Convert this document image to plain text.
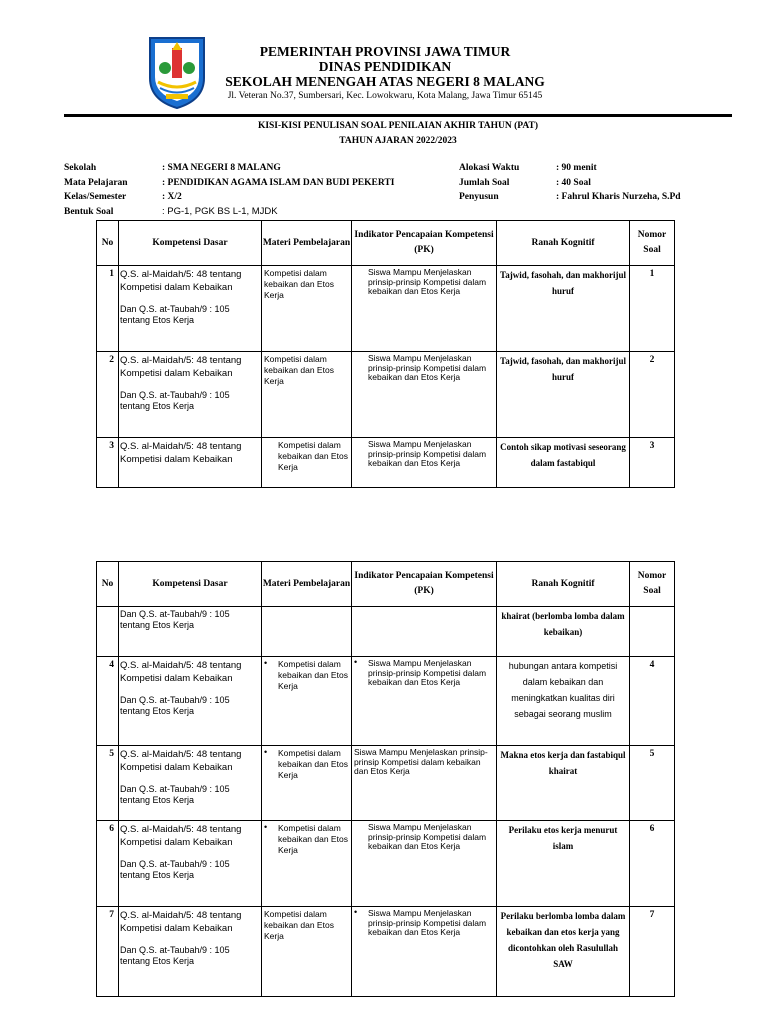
PEMERINTAH PROVINSI JAWA TIMUR
DINAS PENDIDIKAN
SEKOLAH MENENGAH ATAS NEGERI 8 MALANG
Jl. Veteran No.37, Sumbersari, Kec. Lowokwaru, Kota Malang, Jawa Timur 65145
KISI-KISI PENULISAN SOAL PENILAIAN AKHIR TAHUN (PAT)
TAHUN AJARAN 2022/2023
Sekolah	: SMA NEGERI 8 MALANG
Mata Pelajaran	: PENDIDIKAN AGAMA ISLAM DAN BUDI PEKERTI
Kelas/Semester	: X/2
Bentuk Soal	: PG-1, PGK BS L-1, MJDK
Alokasi Waktu	: 90 menit
Jumlah Soal	: 40 Soal
Penyusun	: Fahrul Kharis Nurzeha, S.Pd
No	Kompetensi Dasar	Materi Pembelajaran	Indikator Pencapaian Kompetensi (PK)	Ranah Kognitif	Nomor Soal
1	Q.S. al-Maidah/5: 48 tentang Kompetisi dalam Kebaikan

Dan Q.S. at-Taubah/9 : 105 tentang Etos Kerja	Kompetisi dalam kebaikan dan Etos Kerja	Siswa Mampu Menjelaskan prinsip-prinsip Kompetisi dalam kebaikan dan Etos Kerja	Tajwid, fasohah, dan makhorijul huruf	1
2	Q.S. al-Maidah/5: 48 tentang Kompetisi dalam Kebaikan

Dan Q.S. at-Taubah/9 : 105 tentang Etos Kerja	Kompetisi dalam kebaikan dan Etos Kerja	Siswa Mampu Menjelaskan prinsip-prinsip Kompetisi dalam kebaikan dan Etos Kerja	Tajwid, fasohah, dan makhorijul huruf	2
3	Q.S. al-Maidah/5: 48 tentang Kompetisi dalam Kebaikan	Kompetisi dalam kebaikan dan Etos Kerja	Siswa Mampu Menjelaskan prinsip-prinsip Kompetisi dalam kebaikan dan Etos Kerja	Contoh sikap motivasi seseorang dalam fastabiqul	3
No	Kompetensi Dasar	Materi Pembelajaran	Indikator Pencapaian Kompetensi (PK)	Ranah Kognitif	Nomor Soal

	Dan Q.S. at-Taubah/9 : 105 tentang Etos Kerja			khairat (berlomba lomba dalam kebaikan)	
4	Q.S. al-Maidah/5: 48 tentang Kompetisi dalam Kebaikan

Dan Q.S. at-Taubah/9 : 105 tentang Etos Kerja	• Kompetisi dalam kebaikan dan Etos Kerja	• Siswa Mampu Menjelaskan prinsip-prinsip Kompetisi dalam kebaikan dan Etos Kerja	hubungan antara kompetisi dalam kebaikan dan meningkatkan kualitas diri sebagai seorang muslim	4
5	Q.S. al-Maidah/5: 48 tentang Kompetisi dalam Kebaikan

Dan Q.S. at-Taubah/9 : 105 tentang Etos Kerja	• Kompetisi dalam kebaikan dan Etos Kerja	Siswa Mampu Menjelaskan prinsip-prinsip Kompetisi dalam kebaikan dan Etos Kerja	Makna etos kerja dan fastabiqul khairat	5
6	Q.S. al-Maidah/5: 48 tentang Kompetisi dalam Kebaikan

Dan Q.S. at-Taubah/9 : 105 tentang Etos Kerja	• Kompetisi dalam kebaikan dan Etos Kerja	Siswa Mampu Menjelaskan prinsip-prinsip Kompetisi dalam kebaikan dan Etos Kerja	Perilaku etos kerja menurut islam	6
7	Q.S. al-Maidah/5: 48 tentang Kompetisi dalam Kebaikan

Dan Q.S. at-Taubah/9 : 105 tentang Etos Kerja	Kompetisi dalam kebaikan dan Etos Kerja	• Siswa Mampu Menjelaskan prinsip-prinsip Kompetisi dalam kebaikan dan Etos Kerja	Perilaku berlomba lomba dalam kebaikan dan etos kerja yang dicontohkan oleh Rasulullah SAW	7
